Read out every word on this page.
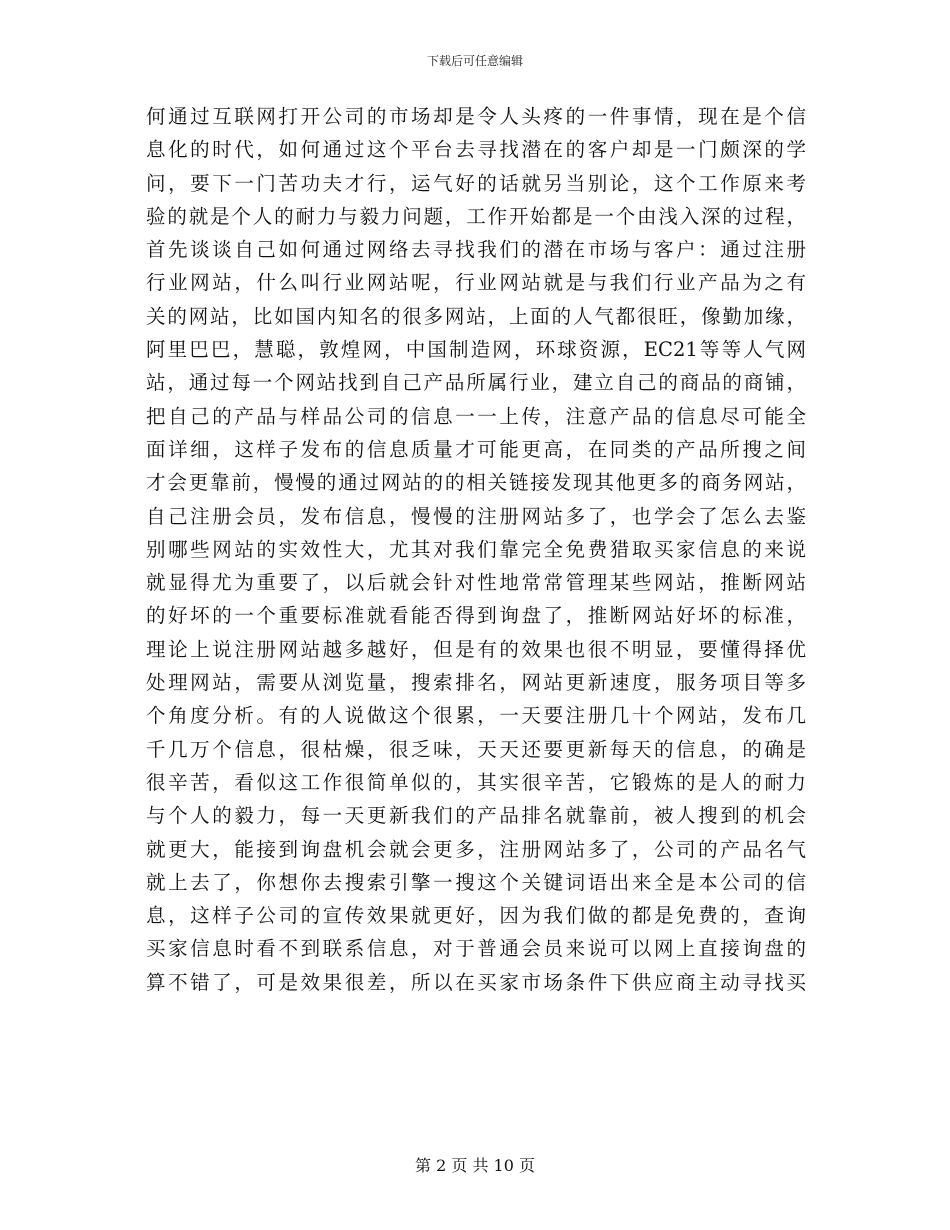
下载后可任意编辑
何通过互联网打开公司的市场却是令人头疼的一件事情，现在是个信
息化的时代，如何通过这个平台去寻找潜在的客户却是一门颇深的学
问，要下一门苦功夫才行，运气好的话就另当别论，这个工作原来考
验的就是个人的耐力与毅力问题，工作开始都是一个由浅入深的过程，
首先谈谈自己如何通过网络去寻找我们的潜在市场与客户：通过注册
行业网站，什么叫行业网站呢，行业网站就是与我们行业产品为之有
关的网站，比如国内知名的很多网站，上面的人气都很旺，像勤加缘，
阿里巴巴，慧聪，敦煌网，中国制造网，环球资源，EC21等等人气网
站，通过每一个网站找到自己产品所属行业，建立自己的商品的商铺，
把自己的产品与样品公司的信息一一上传，注意产品的信息尽可能全
面详细，这样子发布的信息质量才可能更高，在同类的产品所搜之间
才会更靠前，慢慢的通过网站的的相关链接发现其他更多的商务网站，
自己注册会员，发布信息，慢慢的注册网站多了，也学会了怎么去鉴
别哪些网站的实效性大，尤其对我们靠完全免费猎取买家信息的来说
就显得尤为重要了，以后就会针对性地常常管理某些网站，推断网站
的好坏的一个重要标准就看能否得到询盘了，推断网站好坏的标准，
理论上说注册网站越多越好，但是有的效果也很不明显，要懂得择优
处理网站，需要从浏览量，搜索排名，网站更新速度，服务项目等多
个角度分析。有的人说做这个很累，一天要注册几十个网站，发布几
千几万个信息，很枯燥，很乏味，天天还要更新每天的信息，的确是
很辛苦，看似这工作很简单似的，其实很辛苦，它锻炼的是人的耐力
与个人的毅力，每一天更新我们的产品排名就靠前，被人搜到的机会
就更大，能接到询盘机会就会更多，注册网站多了，公司的产品名气
就上去了，你想你去搜索引擎一搜这个关键词语出来全是本公司的信
息，这样子公司的宣传效果就更好，因为我们做的都是免费的，查询
买家信息时看不到联系信息，对于普通会员来说可以网上直接询盘的
算不错了，可是效果很差，所以在买家市场条件下供应商主动寻找买
第 2 页 共 10 页
